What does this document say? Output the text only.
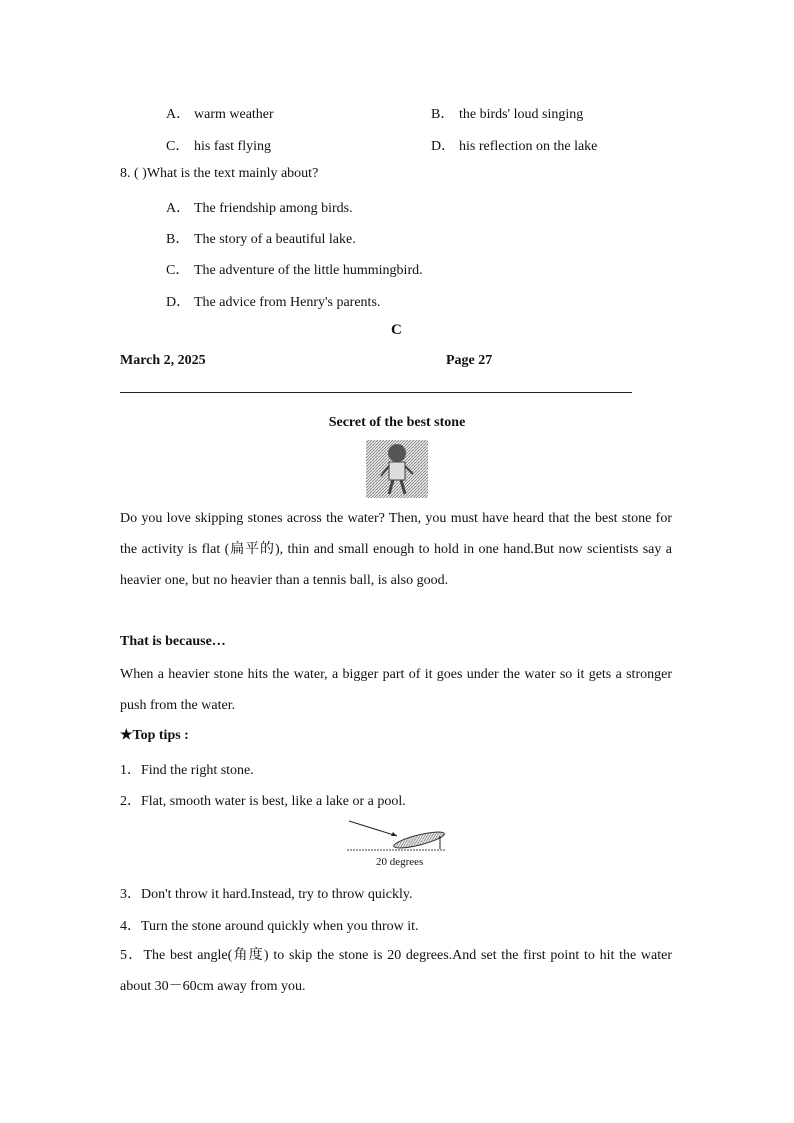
A． warm weather	B． the birds' loud singing
C． his fast flying	D． his reflection on the lake
8. ( )What is the text mainly about?
A． The friendship among birds.
B． The story of a beautiful lake.
C． The adventure of the little hummingbird.
D． The advice from Henry's parents.
C
March 2, 2025	Page 27
Secret of the best stone
Do you love skipping stones across the water? Then, you must have heard that the best stone for the activity is flat (扁平的), thin and small enough to hold in one hand.But now scientists say a heavier one, but no heavier than a tennis ball, is also good.
That is because…
When a heavier stone hits the water, a bigger part of it goes under the water so it gets a stronger push from the water.
★Top tips :
1．Find the right stone.
2．Flat, smooth water is best, like a lake or a pool.
20 degrees
3．Don't throw it hard.Instead, try to throw quickly.
4．Turn the stone around quickly when you throw it.
5．The best angle(角度) to skip the stone is 20 degrees.And set the first point to hit the water about 30－60cm away from you.
